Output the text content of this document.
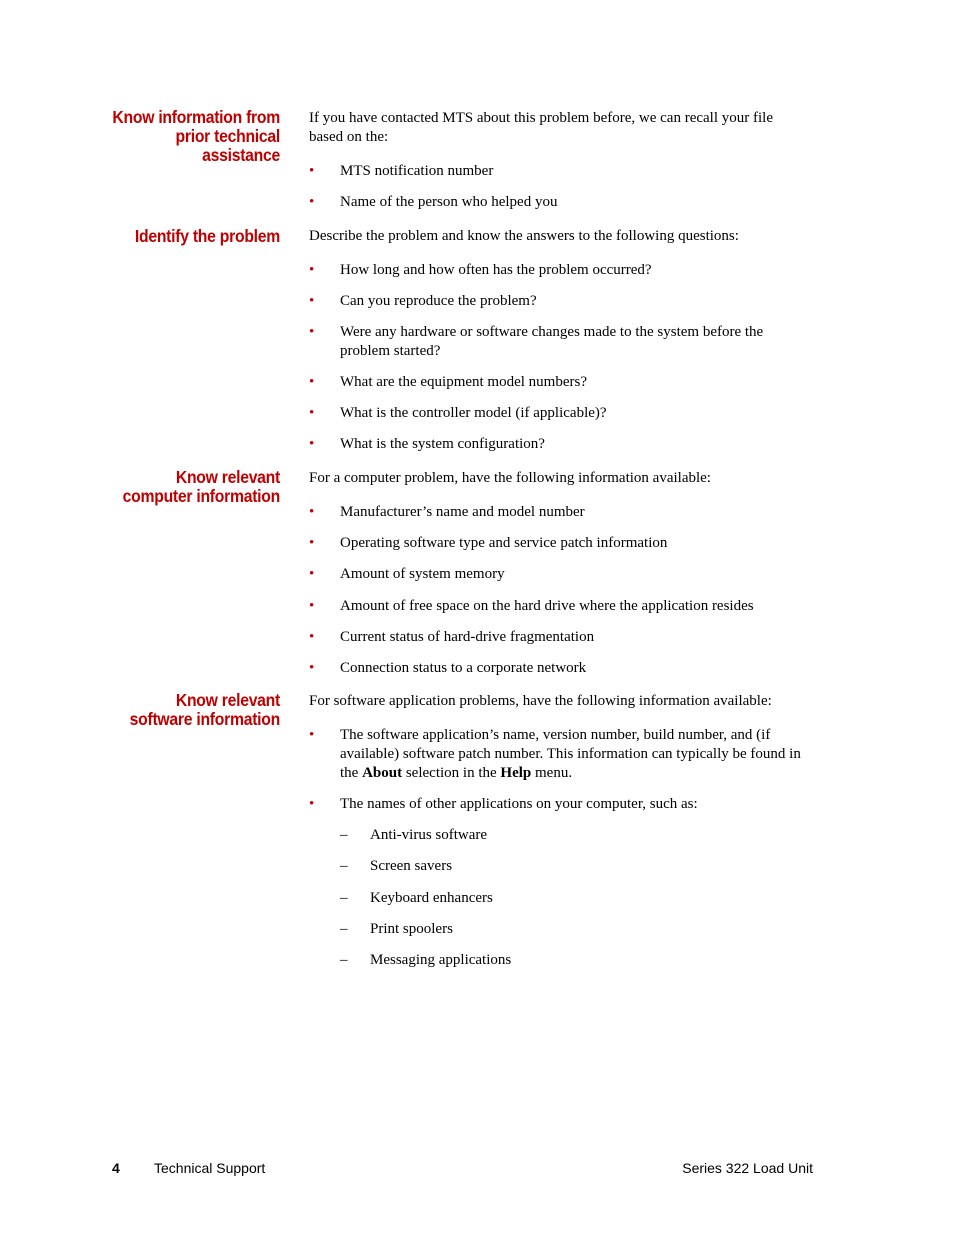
Know information from
prior technical
assistance
If you have contacted MTS about this problem before, we can recall your file based on the:
• MTS notification number
• Name of the person who helped you
Identify the problem Describe the problem and know the answers to the following questions:
• How long and how often has the problem occurred?
• Can you reproduce the problem?
• Were any hardware or software changes made to the system before the problem started?
• What are the equipment model numbers?
• What is the controller model (if applicable)?
• What is the system configuration?
Know relevant
computer information
For a computer problem, have the following information available:
• Manufacturer’s name and model number
• Operating software type and service patch information
• Amount of system memory
• Amount of free space on the hard drive where the application resides
• Current status of hard-drive fragmentation
• Connection status to a corporate network
Know relevant
software information
For software application problems, have the following information available:
• The software application’s name, version number, build number, and (if available) software patch number. This information can typically be found in the About selection in the Help menu.
• The names of other applications on your computer, such as:
– Anti-virus software
– Screen savers
– Keyboard enhancers
– Print spoolers
– Messaging applications
4 Technical Support	Series 322 Load Unit
